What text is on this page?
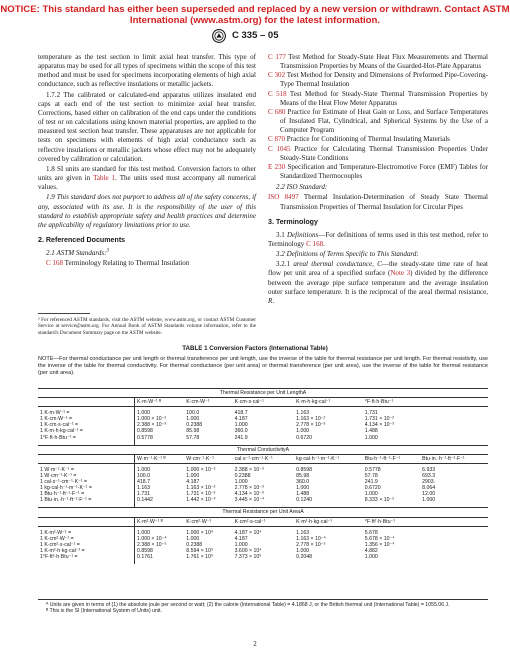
NOTICE: This standard has either been superseded and replaced by a new version or withdrawn. Contact ASTM
International (www.astm.org) for the latest information.
C 335 – 05

temperature as the test section to limit axial heat transfer. This type of apparatus may be used for all types of specimens within the scope of this test method and must be used for specimens incorporating elements of high axial conductance, such as reflective insulations or metallic jackets.

1.7.2 The calibrated or calculated-end apparatus utilizes insulated end caps at each end of the test section to minimize axial heat transfer. Corrections, based either on calibration of the end caps under the conditions of test or on calculations using known material properties, are applied to the measured test section heat transfer. These apparatuses are not applicable for tests on specimens with elements of high axial conductance such as reflective insulations or metallic jackets whose effect may not be adequately covered by calibration or calculation.

1.8 SI units are standard for this test method. Conversion factors to other units are given in Table 1. The units used must accompany all numerical values.

1.9 This standard does not purport to address all of the safety concerns, if any, associated with its use. It is the responsibility of the user of this standard to establish appropriate safety and health practices and determine the applicability of regulatory limitations prior to use.

2. Referenced Documents

2.1 ASTM Standards:$^3$

C 168 Terminology Relating to Thermal Insulation

³ For referenced ASTM standards, visit the ASTM website, www.astm.org, or contact ASTM Customer Service at service@astm.org. For Annual Book of ASTM Standards volume information, refer to the standard's Document Summary page on the ASTM website.

C 177 Test Method for Steady-State Heat Flux Measurements and Thermal Transmission Properties by Means of the Guarded-Hot-Plate Apparatus

C 302 Test Method for Density and Dimensions of Preformed Pipe-Covering-Type Thermal Insulation

C 518 Test Method for Steady-State Thermal Transmission Properties by Means of the Heat Flow Meter Apparatus

C 680 Practice for Estimate of Heat Gain or Loss, and Surface Temperatures of Insulated Flat, Cylindrical, and Spherical Systems by the Use of a Computer Program

C 870 Practice for Conditioning of Thermal Insulating Materials

C 1045 Practice for Calculating Thermal Transmission Properties Under Steady-State Conditions

E 230 Specification and Temperature-Electromotive Force (EMF) Tables for Standardized Thermocouples

2.2 ISO Standard:

ISO 8497 Thermal Insulation-Determination of Steady State Thermal Transmission Properties of Thermal Insulation for Circular Pipes

3. Terminology

3.1 Definitions—For definitions of terms used in this test method, refer to Terminology C 168.

3.2 Definitions of Terms Specific to This Standard:

3.2.1 areal thermal conductance, C—the steady-state time rate of heat flow per unit area of a specified surface (Note 3) divided by the difference between the average pipe surface temperature and the average insulation outer surface temperature. It is the reciprocal of the areal thermal resistance, R.

TABLE 1 Conversion Factors (International Table)
NOTE—For thermal conductance per unit length or thermal transference per unit length, use the inverse of the table for thermal resistance per unit length. For thermal resistivity, use the inverse of the table for thermal conductivity. For thermal conductance (per unit area) or thermal transference (per unit area), use the inverse of the table for thermal resistance (per unit area).
Thermal Resistance per Unit LengthA						
	K·m·W⁻¹ ᴮ	K·cm·W⁻¹	K·cm·s·cal⁻¹	K·m·h·kg·cal⁻¹	°F·ft·h·Btu⁻¹	
1 K·m·W⁻¹ =	1.000	100.0	418.7	1.163	1.731	
1 K·cm·W⁻¹ =	1.000 × 10⁻²	1.000	4.187	1.163 × 10⁻²	1.731 × 10⁻²	
1 K·cm·s·cal⁻¹ =	2.388 × 10⁻³	0.2388	1.000	2.778 × 10⁻³	4.134 × 10⁻³	
1 K·m·h·kg·cal⁻¹ =	0.8598	85.98	360.0	1.000	1.488	
1°F·ft·h·Btu⁻¹ =	0.5778	57.78	241.9	0.6720	1.000	
Thermal ConductivityA						
	W·m⁻¹·K⁻¹ ᴮ	W·cm⁻¹·K⁻¹	cal·s⁻¹·cm⁻¹·K⁻¹	kg·cal·h⁻¹·m⁻¹·K⁻¹	Btu·h⁻¹·ft⁻¹·F⁻¹	Btu·in.·h⁻¹·ft⁻²·F⁻¹
1 W·m⁻¹·K⁻¹ =	1.000	1.000 × 10⁻²	2.388 × 10⁻³	0.8598	0.5778	6.933
1 W·cm⁻¹·K⁻¹ =	100.0	1.000	0.2388	85.98	57.78	693.3
1 cal·s⁻¹·cm⁻¹·K⁻¹ =	418.7	4.187	1.000	360.0	241.9	2903.
1 kg·cal·h⁻¹·m⁻¹·K⁻¹ =	1.163	1.163 × 10⁻²	2.778 × 10⁻³	1.000	0.6720	8.064
1 Btu·h⁻¹·ft⁻¹·F⁻¹ =	1.731	1.731 × 10⁻²	4.134 × 10⁻³	1.488	1.000	12.00
1 Btu·in.·h⁻¹·ft⁻²·F⁻¹ =	0.1442	1.442 × 10⁻³	3.445 × 10⁻⁴	0.1240	8.333 × 10⁻²	1.000
Thermal Resistance per Unit AreaA						
	K·m²·W⁻¹ ᴮ	K·cm²·W⁻¹	K·cm²·s·cal⁻¹	K·m²·h·kg·cal⁻¹	°F·ft²·h·Btu⁻¹	
1 K·m²·W⁻¹ =	1.000	1.000 × 10⁴	4.187 × 10⁴	1.163	5.678	
1 K·cm²·W⁻¹ =	1.000 × 10⁻⁴	1.000	4.187	1.163 × 10⁻⁴	5.678 × 10⁻⁴	
1 K·cm²·s·cal⁻¹ =	2.388 × 10⁻⁵	0.2388	1.000	2.778 × 10⁻⁵	1.356 × 10⁻⁴	
1 K·m²·h·kg·cal⁻¹ =	0.8598	8.594 × 10³	3.600 × 10⁴	1.000	4.882	
1°F·ft²·h·Btu⁻¹ =	0.1761	1.761 × 10³	7.373 × 10³	0.2048	1.000	

ᴬ Units are given in terms of (1) the absolute joule per second or watt; (2) the calorie (International Table) = 4.1868 J, or the British thermal unit (International Table) = 1055.06 J.

ᴮ This is the SI (International System of Units) unit.

2
